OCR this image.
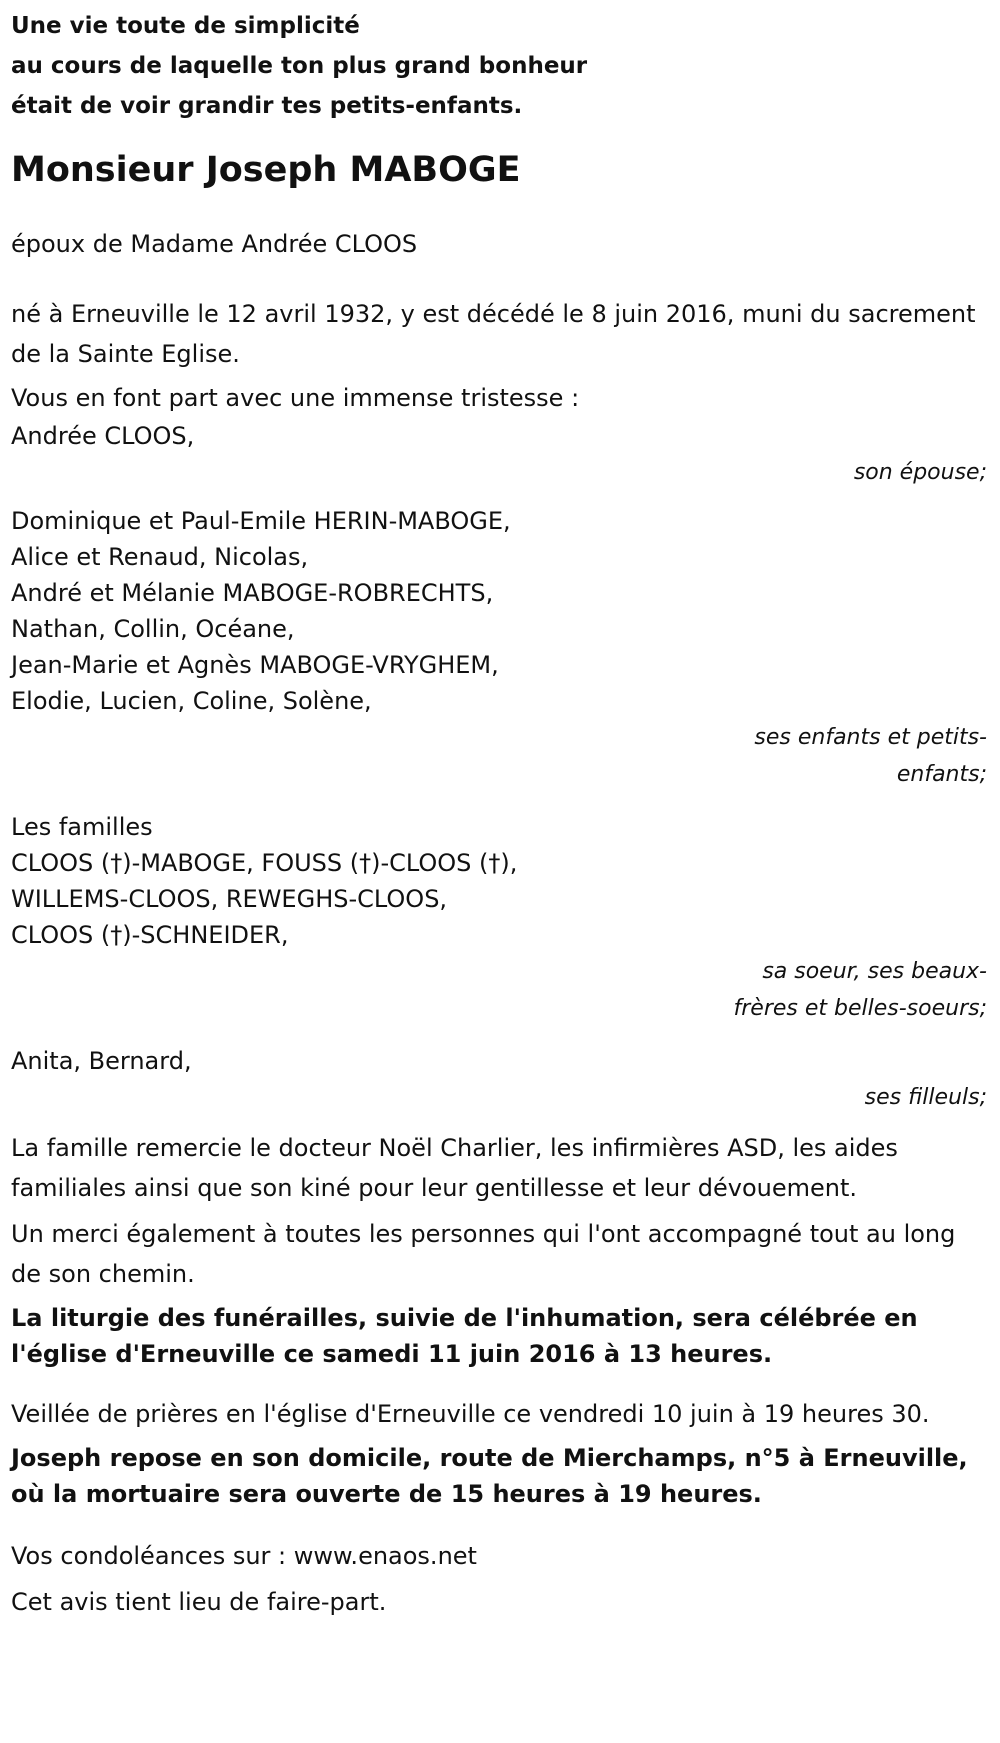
Une vie toute de simplicité

au cours de laquelle ton plus grand bonheur

était de voir grandir tes petits-enfants.

Monsieur Joseph MABOGE

époux de Madame Andrée CLOOS

né à Erneuville le 12 avril 1932, y est décédé le 8 juin 2016, muni du sacrement de la Sainte Eglise.

Vous en font part avec une immense tristesse :

Andrée CLOOS,
son épouse;
Dominique et Paul-Emile HERIN-MABOGE,
Alice et Renaud, Nicolas,
André et Mélanie MABOGE-ROBRECHTS,
Nathan, Collin, Océane,
Jean-Marie et Agnès MABOGE-VRYGHEM,
Elodie, Lucien, Coline, Solène,
ses enfants et petits-enfants;
Les familles
CLOOS (†)-MABOGE, FOUSS (†)-CLOOS (†),
WILLEMS-CLOOS, REWEGHS-CLOOS,
CLOOS (†)-SCHNEIDER,
sa soeur, ses beaux-frères et belles-soeurs;
Anita, Bernard,
ses filleuls;

La famille remercie le docteur Noël Charlier, les infirmières ASD, les aides familiales ainsi que son kiné pour leur gentillesse et leur dévouement.

Un merci également à toutes les personnes qui l'ont accompagné tout au long de son chemin.

La liturgie des funérailles, suivie de l'inhumation, sera célébrée en l'église d'Erneuville ce samedi 11 juin 2016 à 13 heures.

Veillée de prières en l'église d'Erneuville ce vendredi 10 juin à 19 heures 30.

Joseph repose en son domicile, route de Mierchamps, n°5 à Erneuville, où la mortuaire sera ouverte de 15 heures à 19 heures.

Vos condoléances sur : www.enaos.net

Cet avis tient lieu de faire-part.
